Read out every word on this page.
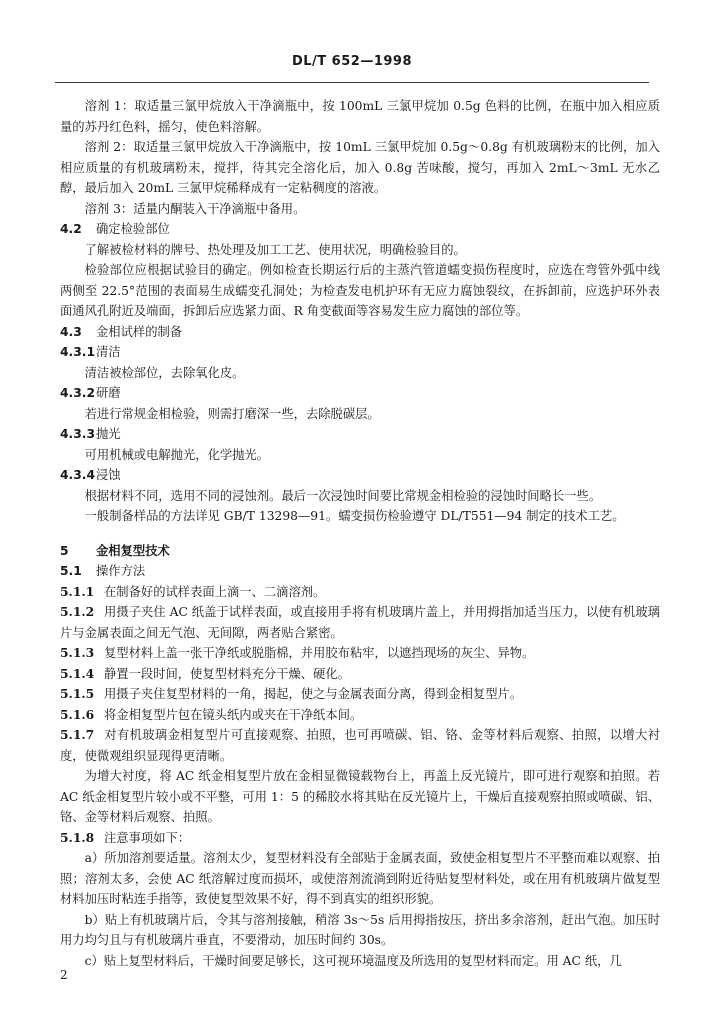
DL/T 652—1998

溶剂 1：取适量三氯甲烷放入干净滴瓶中，按 100mL 三氯甲烷加 0.5g 色料的比例，在瓶中加入相应质量的苏丹红色料，摇匀，使色料溶解。

溶剂 2：取适量三氯甲烷放入干净滴瓶中，按 10mL 三氯甲烷加 0.5g～0.8g 有机玻璃粉末的比例，加入相应质量的有机玻璃粉末，搅拌，待其完全溶化后，加入 0.8g 苦味酸，搅匀，再加入 2mL～3mL 无水乙醇，最后加入 20mL 三氯甲烷稀释成有一定粘稠度的溶液。

溶剂 3：适量内酮装入干净滴瓶中备用。

4.2 确定检验部位

了解被检材料的牌号、热处理及加工工艺、使用状况，明确检验目的。

检验部位应根据试验目的确定。例如检查长期运行后的主蒸汽管道蠕变损伤程度时，应选在弯管外弧中线两侧至 22.5°范围的表面易生成蠕变孔洞处；为检查发电机护环有无应力腐蚀裂纹，在拆卸前，应选护环外表面通风孔附近及端面，拆卸后应选紧力面、R 角变截面等容易发生应力腐蚀的部位等。

4.3 金相试样的制备

4.3.1清洁

清洁被检部位，去除氧化皮。

4.3.2研磨

若进行常规金相检验，则需打磨深一些，去除脱碳层。

4.3.3抛光

可用机械或电解抛光，化学抛光。

4.3.4浸蚀

根据材料不同，选用不同的浸蚀剂。最后一次浸蚀时间要比常规金相检验的浸蚀时间略长一些。

一般制备样品的方法详见 GB/T 13298—91。蠕变损伤检验遵守 DL/T551—94 制定的技术工艺。

5 金相复型技术

5.1 操作方法

5.1.1 在制备好的试样表面上滴一、二滴溶剂。

5.1.2 用摄子夹住 AC 纸盖于试样表面，或直接用手将有机玻璃片盖上，并用拇指加适当压力，以使有机玻璃片与金属表面之间无气泡、无间隙，两者贴合紧密。

5.1.3 复型材料上盖一张干净纸或脱脂棉，并用胶布粘牢，以遮挡现场的灰尘、异物。

5.1.4 静置一段时间，使复型材料充分干燥、硬化。

5.1.5 用摄子夹住复型材料的一角，揭起，使之与金属表面分离，得到金相复型片。

5.1.6 将金相复型片包在镜头纸内或夹在干净纸本间。

5.1.7 对有机玻璃金相复型片可直接观察、拍照，也可再喷碳、铝、铬、金等材料后观察、拍照，以增大衬度，使微观组织显现得更清晰。

为增大衬度，将 AC 纸金相复型片放在金相显微镜载物台上，再盖上反光镜片，即可进行观察和拍照。若 AC 纸金相复型片较小或不平整，可用 1：5 的稀胶水将其贴在反光镜片上，干燥后直接观察拍照或喷碳、铝、铬、金等材料后观察、拍照。

5.1.8 注意事项如下：

a）所加溶剂要适量。溶剂太少，复型材料没有全部贴于金属表面，致使金相复型片不平整而难以观察、拍照；溶剂太多，会使 AC 纸溶解过度而损坏，或使溶剂流淌到附近待贴复型材料处，或在用有机玻璃片做复型材料加压时粘连手指等，致使复型效果不好，得不到真实的组织形貌。

b）贴上有机玻璃片后，令其与溶剂接触，稍溶 3s～5s 后用拇指按压，挤出多余溶剂，赶出气泡。加压时用力均匀且与有机玻璃片垂直，不要滑动，加压时间约 30s。

c）贴上复型材料后，干燥时间要足够长，这可视环境温度及所选用的复型材料而定。用 AC 纸，几

2
